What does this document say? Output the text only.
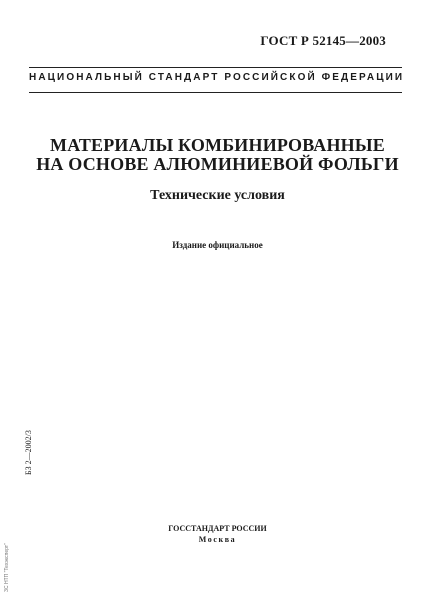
ГОСТ Р 52145—2003
НАЦИОНАЛЬНЫЙ СТАНДАРТ РОССИЙСКОЙ ФЕДЕРАЦИИ
МАТЕРИАЛЫ КОМБИНИРОВАННЫЕ
НА ОСНОВЕ АЛЮМИНИЕВОЙ ФОЛЬГИ
Технические условия
Издание официальное
БЗ 2—2002/3
ЗС НТП "Техэксперт"
ГОССТАНДАРТ РОССИИ
Москва
